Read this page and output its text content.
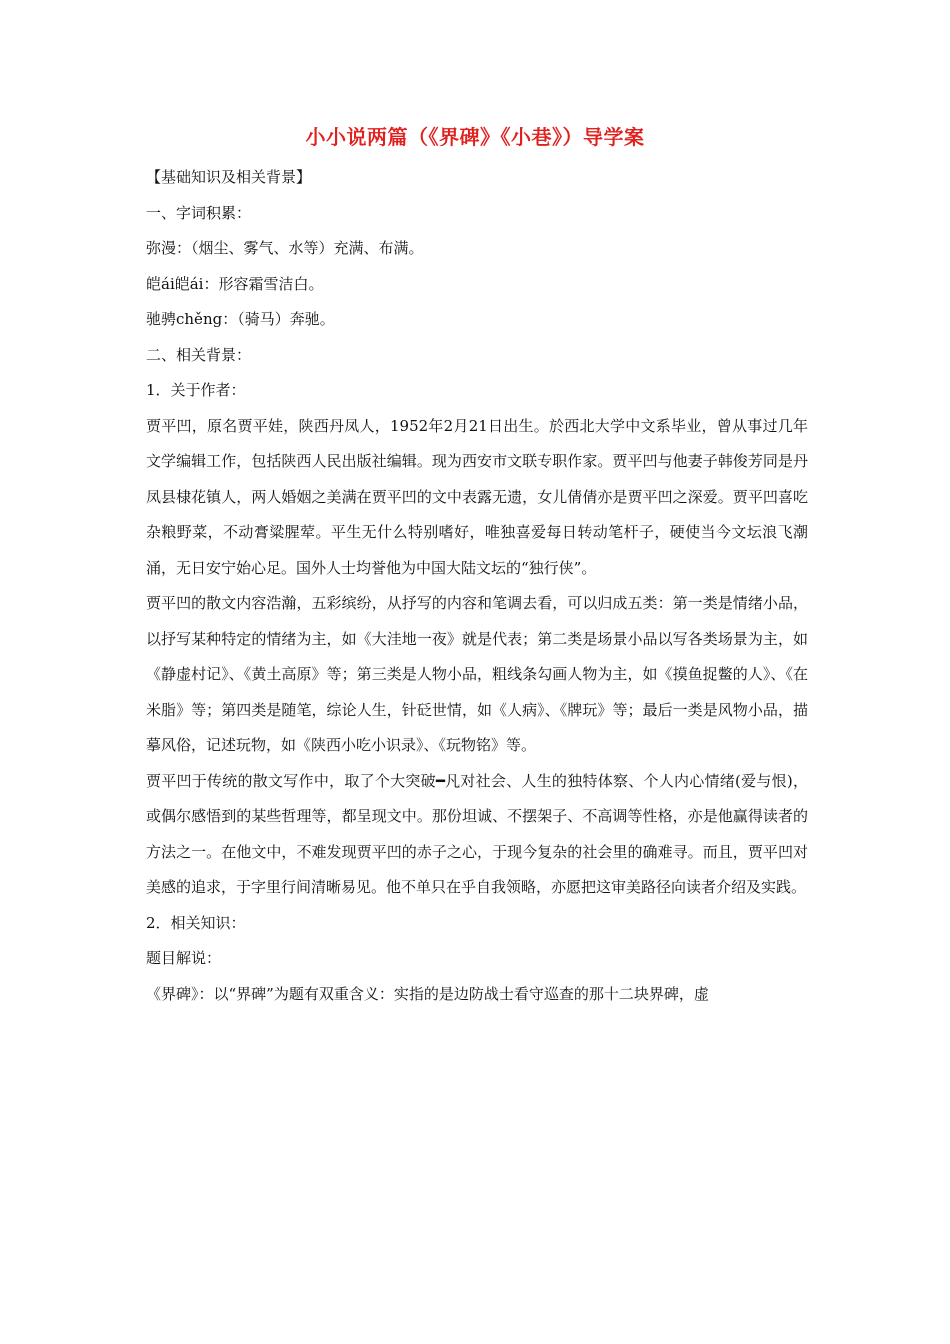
小小说两篇（《界碑》《小巷》）导学案

【基础知识及相关背景】

一、字词积累：

弥漫：（烟尘、雾气、水等）充满、布满。

皑ái皑ái：形容霜雪洁白。

驰骋chěng：（骑马）奔驰。

二、相关背景：

1．关于作者：

贾平凹，原名贾平娃，陕西丹凤人，1952年2月21日出生。於西北大学中文系毕业，曾从事过几年文学编辑工作，包括陕西人民出版社编辑。现为西安市文联专职作家。贾平凹与他妻子韩俊芳同是丹凤县棣花镇人，两人婚姻之美满在贾平凹的文中表露无遗，女儿倩倩亦是贾平凹之深爱。贾平凹喜吃杂粮野菜，不动膏粱腥荤。平生无什么特别嗜好，唯独喜爱每日转动笔杆子，硬使当今文坛浪飞潮涌，无日安宁始心足。国外人士均誉他为中国大陆文坛的“独行侠”。

贾平凹的散文内容浩瀚，五彩缤纷，从抒写的内容和笔调去看，可以归成五类：第一类是情绪小品，以抒写某种特定的情绪为主，如《大洼地一夜》就是代表；第二类是场景小品以写各类场景为主，如《静虚村记》、《黄土高原》等；第三类是人物小品，粗线条勾画人物为主，如《摸鱼捉鳖的人》、《在米脂》等；第四类是随笔，综论人生，针砭世情，如《人病》、《牌玩》等；最后一类是风物小品，描摹风俗，记述玩物，如《陕西小吃小识录》、《玩物铭》等。

贾平凹于传统的散文写作中，取了个大突破━凡对社会、人生的独特体察、个人内心情绪(爱与恨)，或偶尔感悟到的某些哲理等，都呈现文中。那份坦诚、不摆架子、不高调等性格，亦是他赢得读者的方法之一。在他文中，不难发现贾平凹的赤子之心，于现今复杂的社会里的确难寻。而且，贾平凹对美感的追求，于字里行间清晰易见。他不单只在乎自我领略，亦愿把这审美路径向读者介绍及实践。

2．相关知识：

题目解说：

《界碑》：以“界碑”为题有双重含义：实指的是边防战士看守巡查的那十二块界碑，虚
